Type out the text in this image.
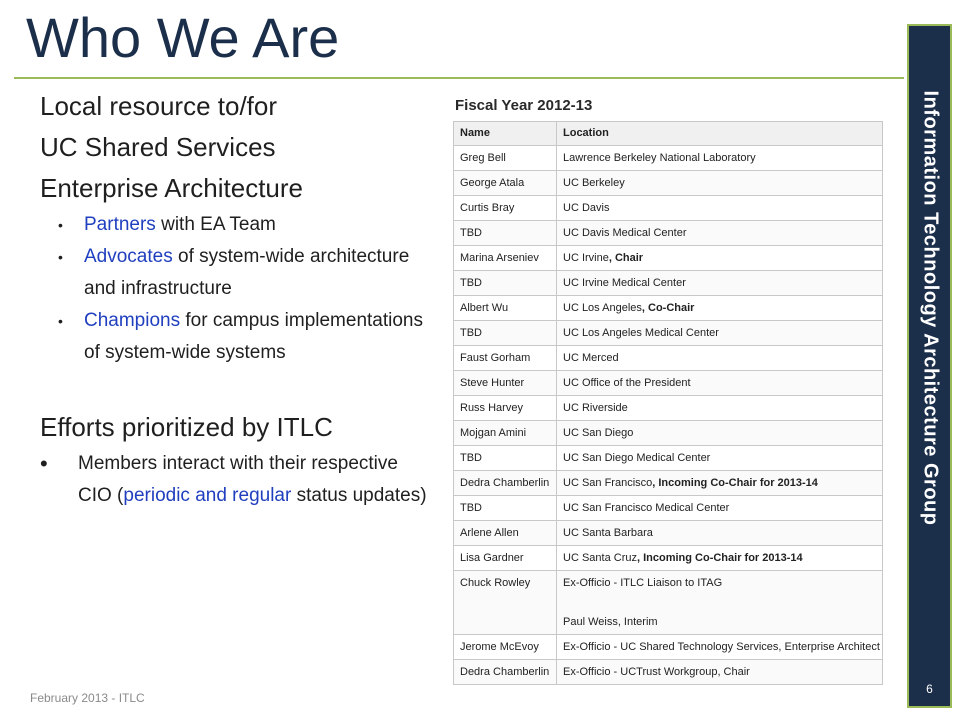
Who We Are
Information Technology Architecture Group
6
Local resource to/for
UC Shared Services
Enterprise Architecture
• Partners with EA Team
• Advocates of system-wide architecture and infrastructure
• Champions for campus implementations of system-wide systems
Efforts prioritized by ITLC
• Members interact with their respective CIO (periodic and regular status updates)
Fiscal Year 2012-13
Name	Location
Greg Bell	Lawrence Berkeley National Laboratory
George Atala	UC Berkeley
Curtis Bray	UC Davis
TBD	UC Davis Medical Center
Marina Arseniev	UC Irvine, Chair
TBD	UC Irvine Medical Center
Albert Wu	UC Los Angeles, Co-Chair
TBD	UC Los Angeles Medical Center
Faust Gorham	UC Merced
Steve Hunter	UC Office of the President
Russ Harvey	UC Riverside
Mojgan Amini	UC San Diego
TBD	UC San Diego Medical Center
Dedra Chamberlin	UC San Francisco, Incoming Co-Chair for 2013-14
TBD	UC San Francisco Medical Center
Arlene Allen	UC Santa Barbara
Lisa Gardner	UC Santa Cruz, Incoming Co-Chair for 2013-14
Chuck Rowley	Ex-Officio - ITLC Liaison to ITAG
Paul Weiss, Interim

Jerome McEvoy	Ex-Officio - UC Shared Technology Services, Enterprise Architect
Dedra Chamberlin	Ex-Officio - UCTrust Workgroup, Chair
February 2013 - ITLC
